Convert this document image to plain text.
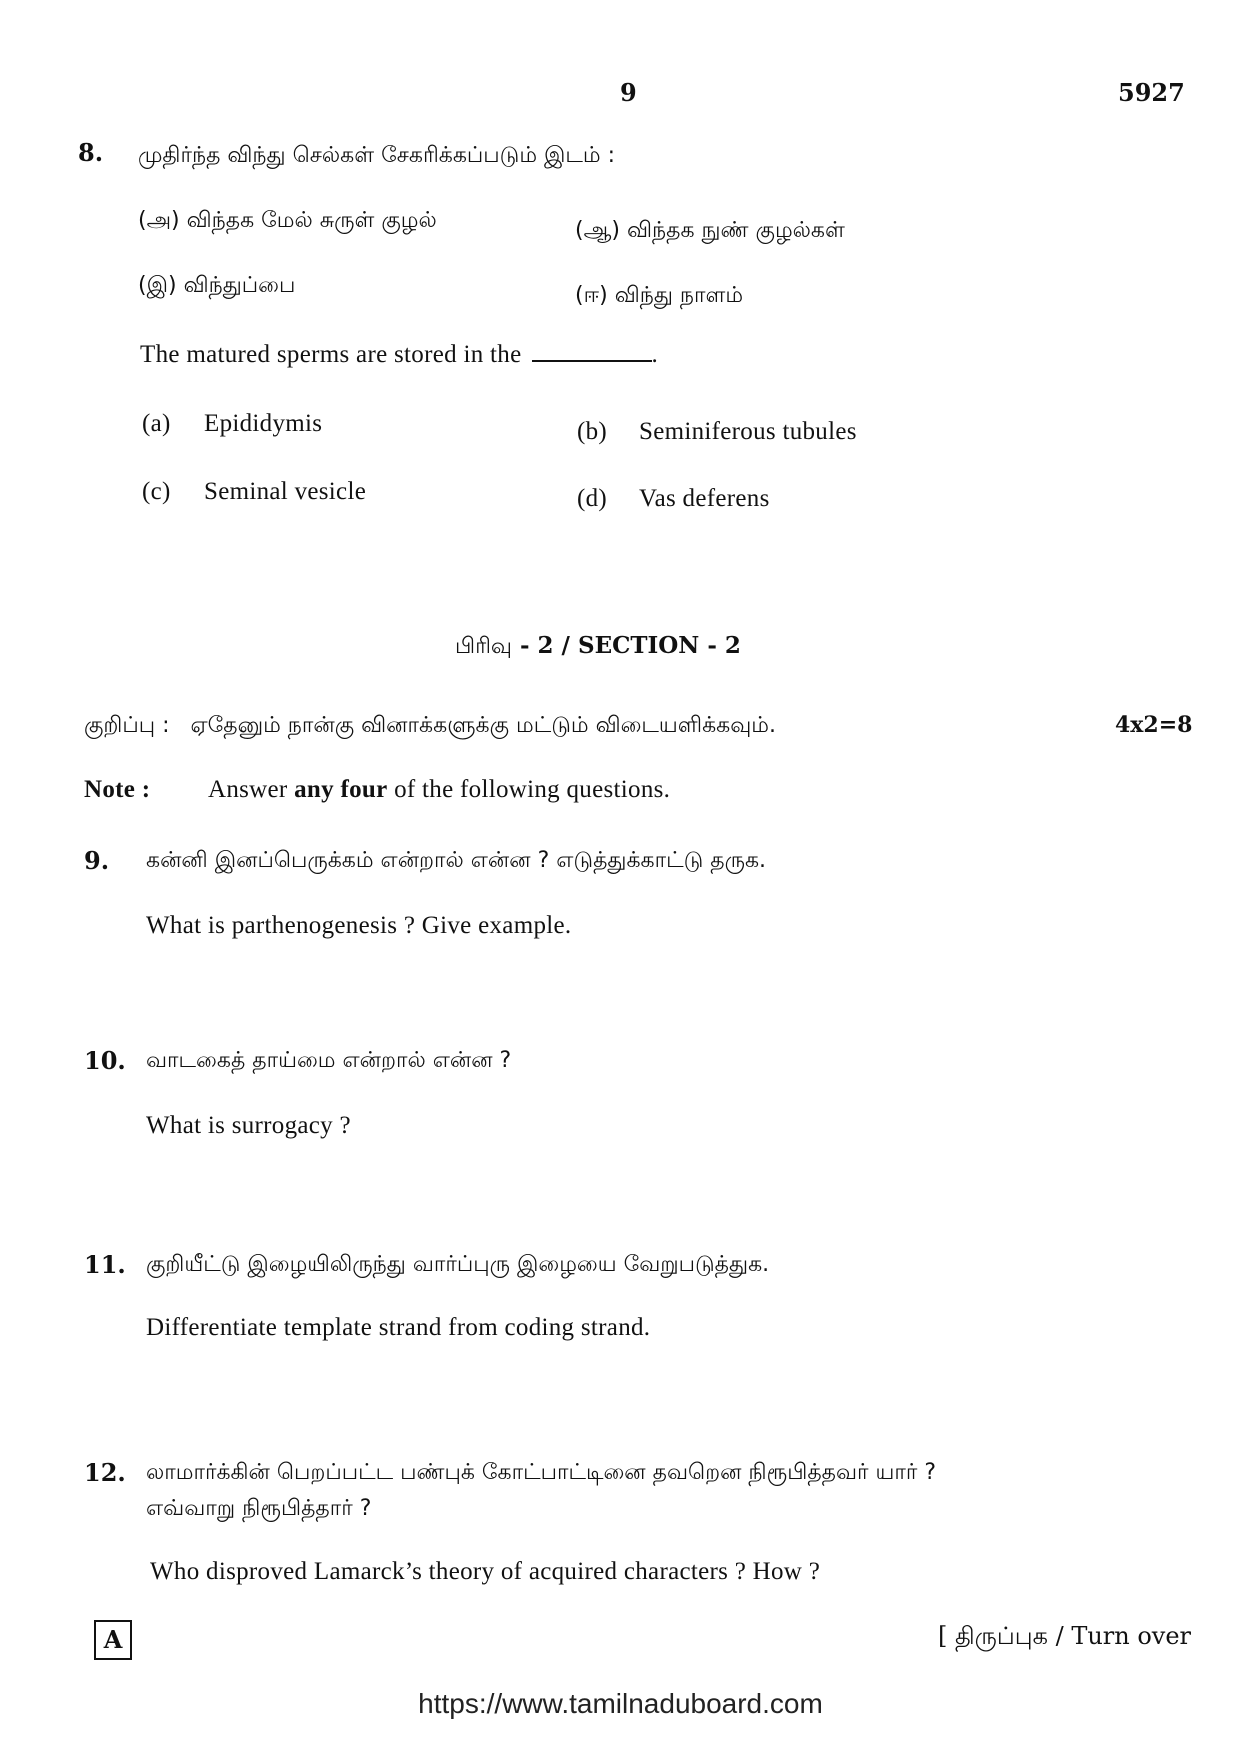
9	5927
8. முதிர்ந்த விந்து செல்கள் சேகரிக்கப்படும் இடம் :
(அ) விந்தக மேல் சுருள் குழல்	(ஆ) விந்தக நுண் குழல்கள்
(இ) விந்துப்பை	(ஈ) விந்து நாளம்
The matured sperms are stored in the	.
(a) Epididymis	(b) Seminiferous tubules
(c) Seminal vesicle	(d) Vas deferens
பிரிவு - 2 / SECTION - 2
குறிப்பு : ஏதேனும் நான்கு வினாக்களுக்கு மட்டும் விடையளிக்கவும்.	4x2=8
Note : Answer any four of the following questions.
9. கன்னி இனப்பெருக்கம் என்றால் என்ன ? எடுத்துக்காட்டு தருக.
What is parthenogenesis ? Give example.
10. வாடகைத் தாய்மை என்றால் என்ன ?
What is surrogacy ?
11. குறியீட்டு இழையிலிருந்து வார்ப்புரு இழையை வேறுபடுத்துக.
Differentiate template strand from coding strand.
12. லாமார்க்கின் பெறப்பட்ட பண்புக் கோட்பாட்டினை தவறென நிரூபித்தவர் யார் ?
எவ்வாறு நிரூபித்தார் ?
Who disproved Lamarck’s theory of acquired characters ? How ?
A	[ திருப்புக / Turn over
https://www.tamilnaduboard.com
